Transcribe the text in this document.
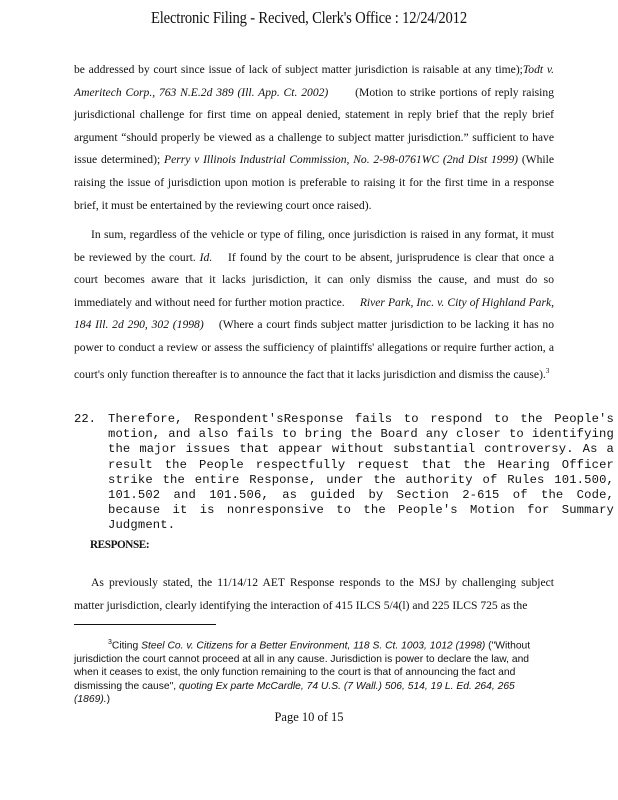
Electronic Filing - Recived, Clerk's Office : 12/24/2012
be addressed by court since issue of lack of subject matter jurisdiction is raisable at any time);Todt v. Ameritech Corp., 763 N.E.2d 389 (Ill. App. Ct. 2002) (Motion to strike portions of reply raising jurisdictional challenge for first time on appeal denied, statement in reply brief that the reply brief argument “should properly be viewed as a challenge to subject matter jurisdiction.” sufficient to have issue determined); Perry v Illinois Industrial Commission, No. 2-98-0761WC (2nd Dist 1999) (While raising the issue of jurisdiction upon motion is preferable to raising it for the first time in a response brief, it must be entertained by the reviewing court once raised).
In sum, regardless of the vehicle or type of filing, once jurisdiction is raised in any format, it must be reviewed by the court. Id. If found by the court to be absent, jurisprudence is clear that once a court becomes aware that it lacks jurisdiction, it can only dismiss the cause, and must do so immediately and without need for further motion practice. River Park, Inc. v. City of Highland Park, 184 Ill. 2d 290, 302 (1998) (Where a court finds subject matter jurisdiction to be lacking it has no power to conduct a review or assess the sufficiency of plaintiffs' allegations or require further action, a court's only function thereafter is to announce the fact that it lacks jurisdiction and dismiss the cause).$^3$
22. Therefore, Respondent'sResponse fails to respond to the People's motion, and also fails to bring the Board any closer to identifying the major issues that appear without substantial controversy. As a result the People respectfully request that the Hearing Officer strike the entire Response, under the authority of Rules 101.500, 101.502 and 101.506, as guided by Section 2-615 of the Code, because it is nonresponsive to the People's Motion for Summary Judgment.
RESPONSE:
As previously stated, the 11/14/12 AET Response responds to the MSJ by challenging subject matter jurisdiction, clearly identifying the interaction of 415 ILCS 5/4(l) and 225 ILCS 725 as the
$^3$Citing Steel Co. v. Citizens for a Better Environment, 118 S. Ct. 1003, 1012 (1998) ("Without jurisdiction the court cannot proceed at all in any cause. Jurisdiction is power to declare the law, and when it ceases to exist, the only function remaining to the court is that of announcing the fact and dismissing the cause", quoting Ex parte McCardle, 74 U.S. (7 Wall.) 506, 514, 19 L. Ed. 264, 265 (1869).)
Page 10 of 15
